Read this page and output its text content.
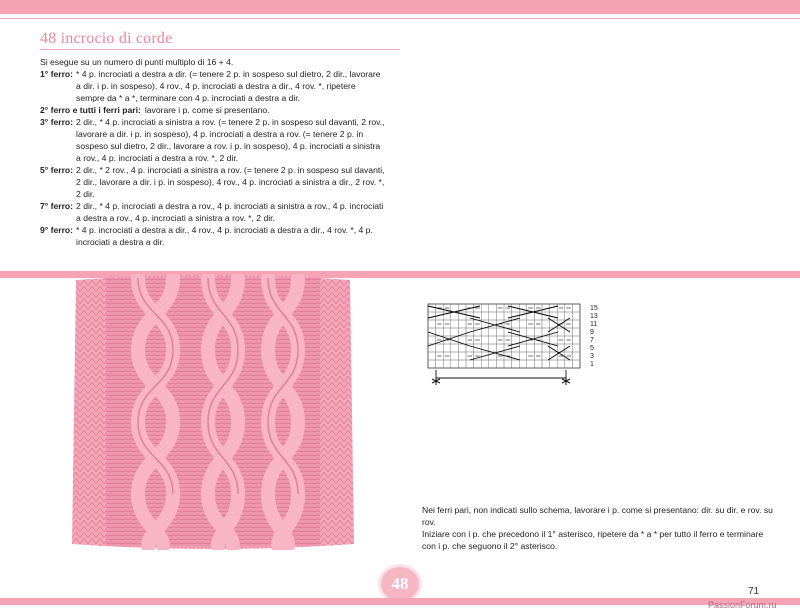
48 incrocio di corde
Si esegue su un numero di punti multiplo di 16 + 4.
1° ferro: * 4 p. incrociati a destra a dir. (= tenere 2 p. in sospeso sul dietro, 2 dir., lavorare a dir. i p. in sospeso), 4 rov., 4 p. incrociati a destra a dir., 4 rov. *, ripetere sempre da * a *, terminare con 4 p. incrociati a destra a dir.
2° ferro e tutti i ferri pari: lavorare i p. come si presentano.
3° ferro: 2 dir., * 4 p. incrociati a sinistra a rov. (= tenere 2 p. in sospeso sul davanti, 2 rov., lavorare a dir. i p. in sospeso), 4 p. incrociati a destra a rov. (= tenere 2 p. in sospeso sul dietro, 2 dir., lavorare a rov. i p. in sospeso), 4 p. incrociati a sinistra a rov., 4 p. incrociati a destra a rov. *, 2 dir.
5° ferro: 2 dir., * 2 rov., 4 p. incrociati a sinistra a rov. (= tenere 2 p. in sospeso sul davanti, 2 dir., lavorare a dir. i p. in sospeso), 4 rov., 4 p. incrociati a sinistra a dir., 2 rov. *, 2 dir.
7° ferro: 2 dir., * 4 p. incrociati a destra a rov., 4 p. incrociati a sinistra a rov., 4 p. incrociati a destra a rov., 4 p. incrociati a sinistra a rov. *, 2 dir.
9° ferro: * 4 p. incrociati a destra a dir., 4 rov., 4 p. incrociati a destra a dir., 4 rov. *, 4 p. incrociati a destra a dir.
15
13
11
9
7
5
3
1

Nei ferri pari, non indicati sullo schema, lavorare i p. come si presentano: dir. su dir. e rov. su rov.

Iniziare con i p. che precedono il 1° asterisco, ripetere da * a * per tutto il ferro e terminare con i p. che seguono il 2° asterisco.

48	71
PassionForum.ru
